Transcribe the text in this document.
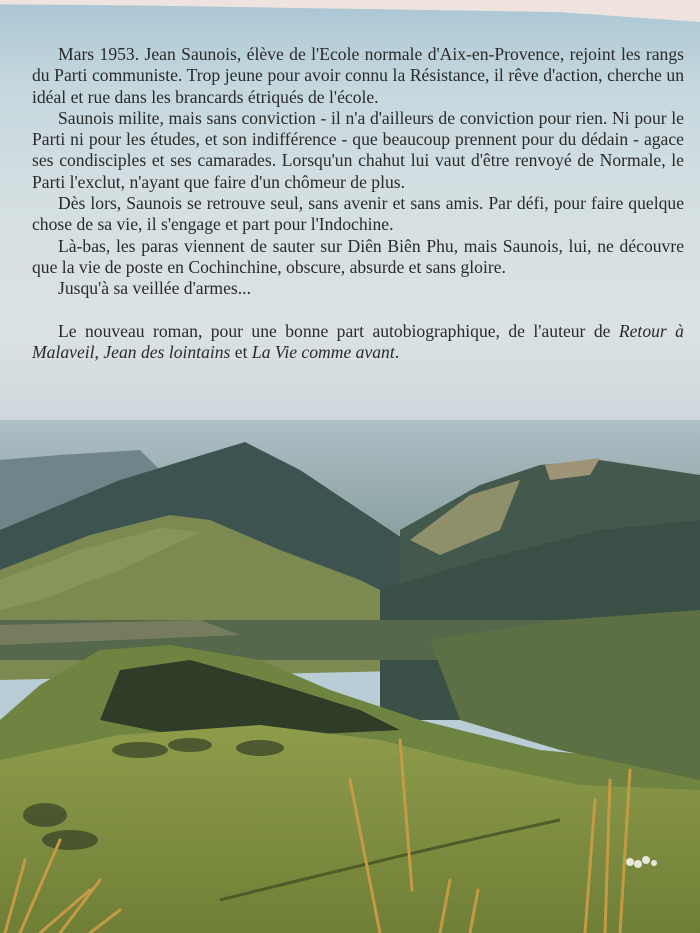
Mars 1953. Jean Saunois, élève de l'Ecole normale d'Aix-en-Provence, rejoint les rangs du Parti communiste. Trop jeune pour avoir connu la Résistance, il rêve d'action, cherche un idéal et rue dans les brancards étriqués de l'école.

Saunois milite, mais sans conviction - il n'a d'ailleurs de conviction pour rien. Ni pour le Parti ni pour les études, et son indifférence - que beaucoup prennent pour du dédain - agace ses condisciples et ses camarades. Lorsqu'un chahut lui vaut d'être renvoyé de Normale, le Parti l'exclut, n'ayant que faire d'un chômeur de plus.

Dès lors, Saunois se retrouve seul, sans avenir et sans amis. Par défi, pour faire quelque chose de sa vie, il s'engage et part pour l'Indochine.

Là-bas, les paras viennent de sauter sur Diên Biên Phu, mais Saunois, lui, ne découvre que la vie de poste en Cochinchine, obscure, absurde et sans gloire.

Jusqu'à sa veillée d'armes...

Le nouveau roman, pour une bonne part autobiographique, de l'auteur de Retour à Malaveil, Jean des lointains et La Vie comme avant.
